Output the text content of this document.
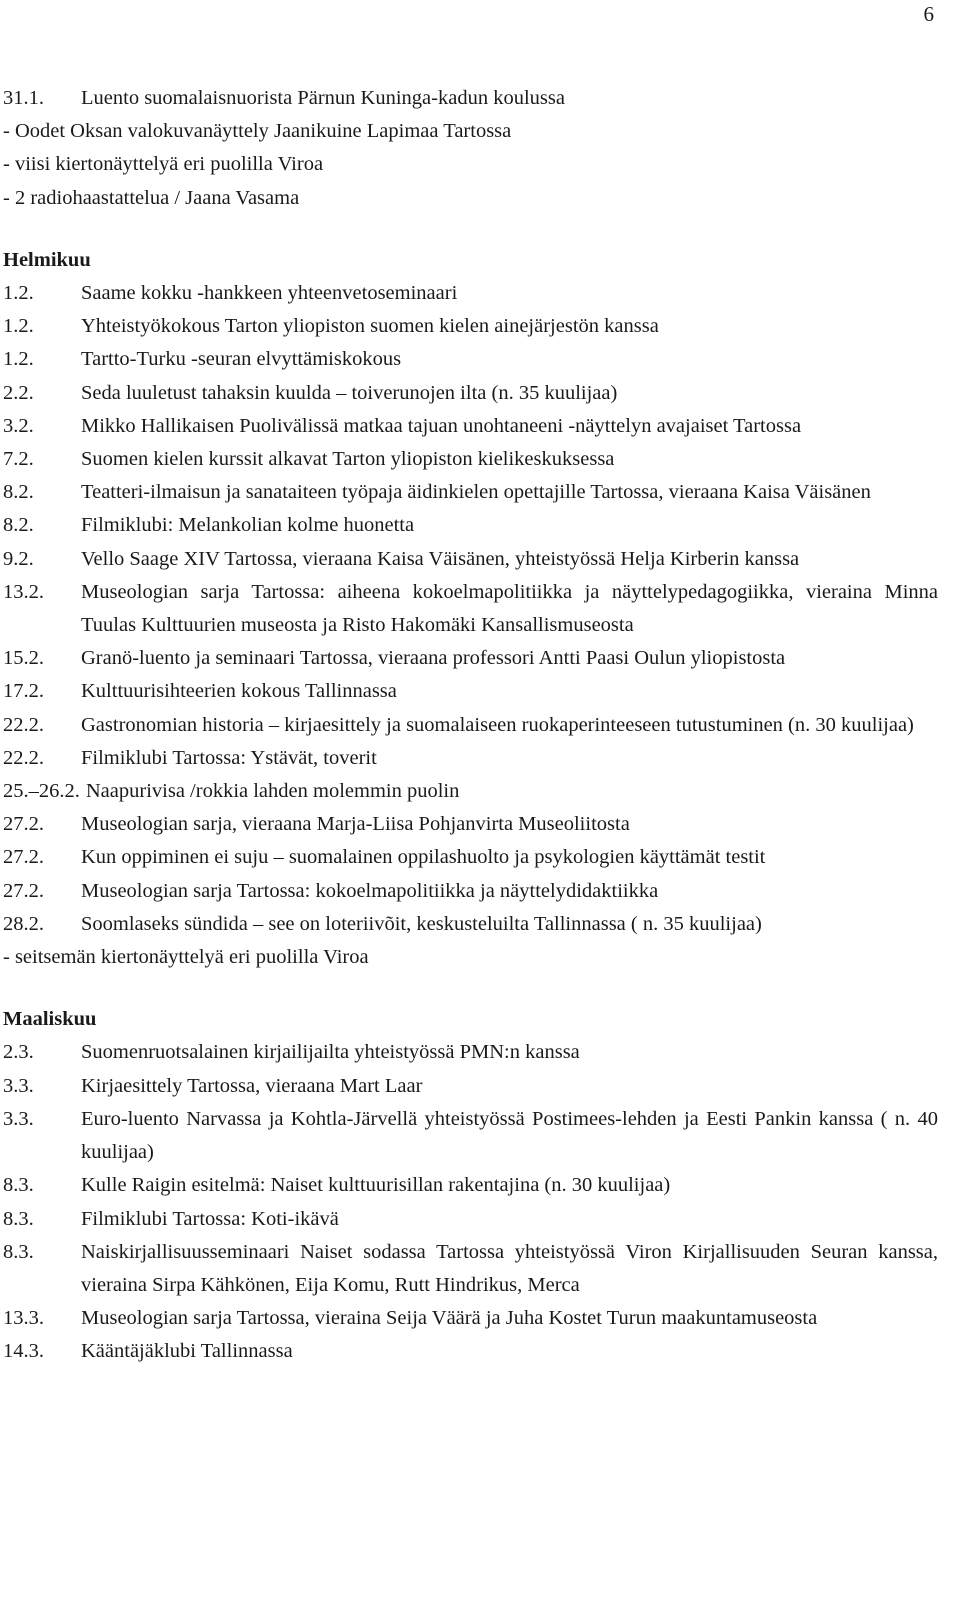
6
31.1.	Luento suomalaisnuorista Pärnun Kuninga-kadun koulussa
- Oodet Oksan valokuvanäyttely Jaanikuine Lapimaa Tartossa
- viisi kiertonäyttelyä eri puolilla Viroa
- 2 radiohaastattelua / Jaana Vasama
Helmikuu
1.2.	Saame kokku -hankkeen yhteenvetoseminaari
1.2.	Yhteistyökokous Tarton yliopiston suomen kielen ainejärjestön kanssa
1.2.	Tartto-Turku -seuran elvyttämiskokous
2.2.	Seda luuletust tahaksin kuulda – toiverunojen ilta (n. 35 kuulijaa)
3.2.	Mikko Hallikaisen Puolivälissä matkaa tajuan unohtaneeni -näyttelyn avajaiset Tartossa
7.2.	Suomen kielen kurssit alkavat Tarton yliopiston kielikeskuksessa
8.2.	Teatteri-ilmaisun ja sanataiteen työpaja äidinkielen opettajille Tartossa, vieraana Kaisa Väisänen
8.2.	Filmiklubi: Melankolian kolme huonetta
9.2.	Vello Saage XIV Tartossa, vieraana Kaisa Väisänen, yhteistyössä Helja Kirberin kanssa
13.2.	Museologian sarja Tartossa: aiheena kokoelmapolitiikka ja näyttelypedagogiikka, vieraina Minna Tuulas Kulttuurien museosta ja Risto Hakomäki Kansallismuseosta
15.2.	Granö-luento ja seminaari Tartossa, vieraana professori Antti Paasi Oulun yliopistosta
17.2.	Kulttuurisihteerien kokous Tallinnassa
22.2.	Gastronomian historia – kirjaesittely ja suomalaiseen ruokaperinteeseen tutustuminen (n. 30 kuulijaa)
22.2.	Filmiklubi Tartossa: Ystävät, toverit
25.–26.2. Naapurivisa /rokkia lahden molemmin puolin
27.2.	Museologian sarja, vieraana Marja-Liisa Pohjanvirta Museoliitosta
27.2.	Kun oppiminen ei suju – suomalainen oppilashuolto ja psykologien käyttämät testit
27.2.	Museologian sarja Tartossa: kokoelmapolitiikka ja näyttelydidaktiikka
28.2.	Soomlaseks sündida – see on loteriivõit, keskusteluilta Tallinnassa ( n. 35 kuulijaa)
- seitsemän kiertonäyttelyä eri puolilla Viroa
Maaliskuu
2.3.	Suomenruotsalainen kirjailijailta yhteistyössä PMN:n kanssa
3.3.	Kirjaesittely Tartossa, vieraana Mart Laar
3.3.	Euro-luento Narvassa ja Kohtla-Järvellä yhteistyössä Postimees-lehden ja Eesti Pankin kanssa ( n. 40 kuulijaa)
8.3.	Kulle Raigin esitelmä: Naiset kulttuurisillan rakentajina (n. 30 kuulijaa)
8.3.	Filmiklubi Tartossa: Koti-ikävä
8.3.	Naiskirjallisuusseminaari Naiset sodassa Tartossa yhteistyössä Viron Kirjallisuuden Seuran kanssa, vieraina Sirpa Kähkönen, Eija Komu, Rutt Hindrikus, Merca
13.3.	Museologian sarja Tartossa, vieraina Seija Väärä ja Juha Kostet Turun maakuntamuseosta
14.3.	Kääntäjäklubi Tallinnassa
